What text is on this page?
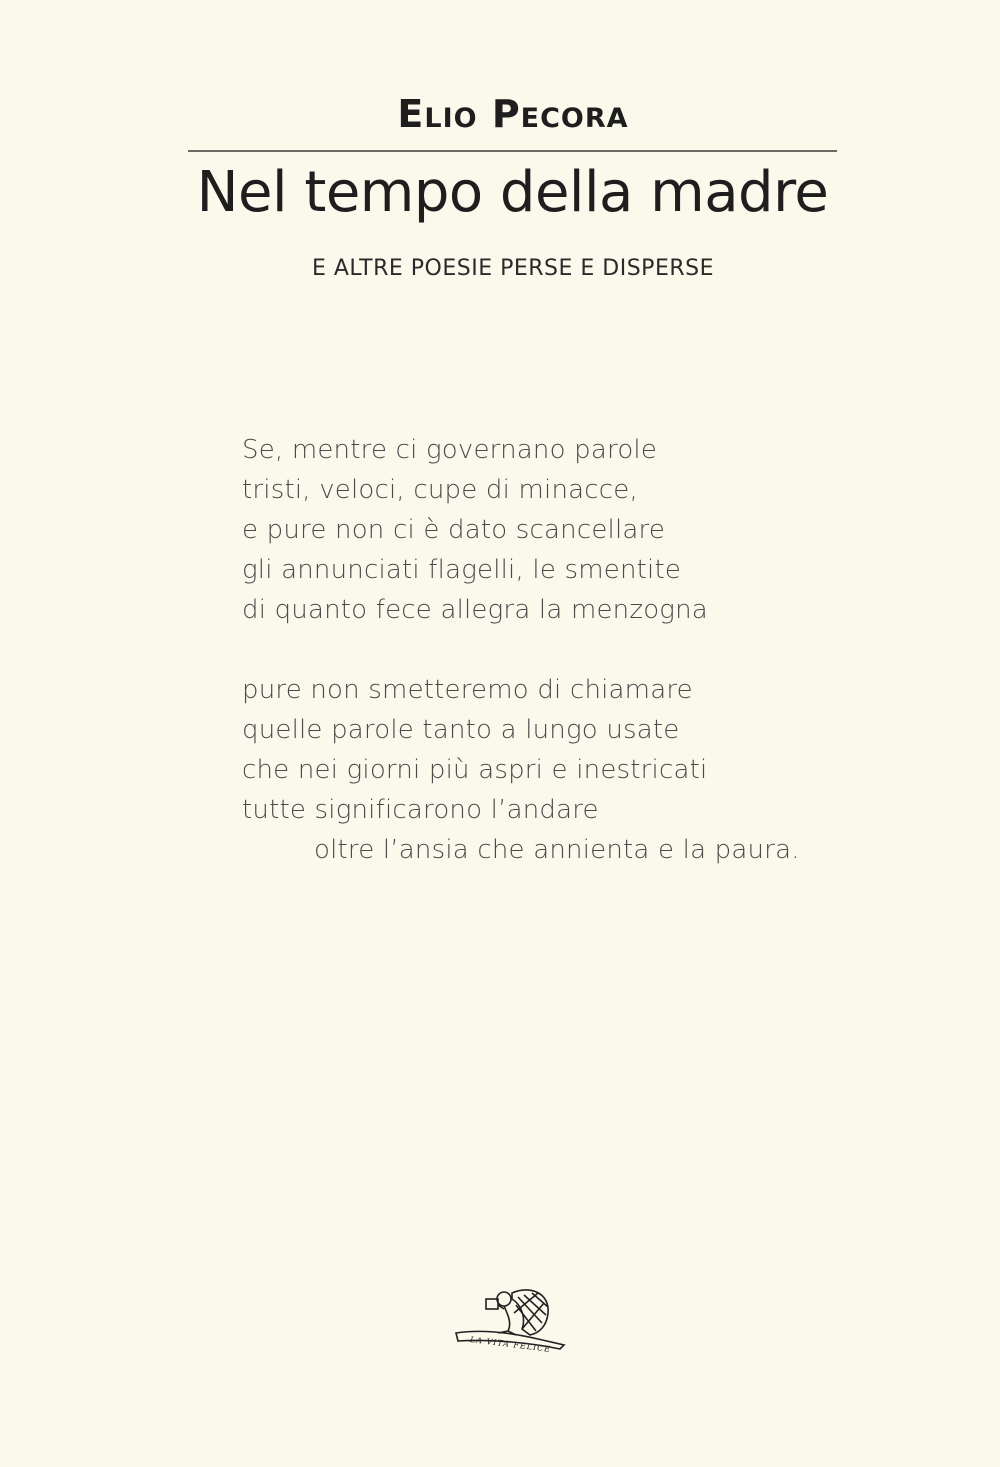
Elio Pecora
Nel tempo della madre
E ALTRE POESIE PERSE E DISPERSE
Se, mentre ci governano parole
tristi, veloci, cupe di minacce,
e pure non ci è dato scancellare
gli annunciati flagelli, le smentite
di quanto fece allegra la menzogna
pure non smetteremo di chiamare
quelle parole tanto a lungo usate
che nei giorni più aspri e inestricati
tutte significarono l’andare
oltre l’ansia che annienta e la paura.
LA VITA FELICE
